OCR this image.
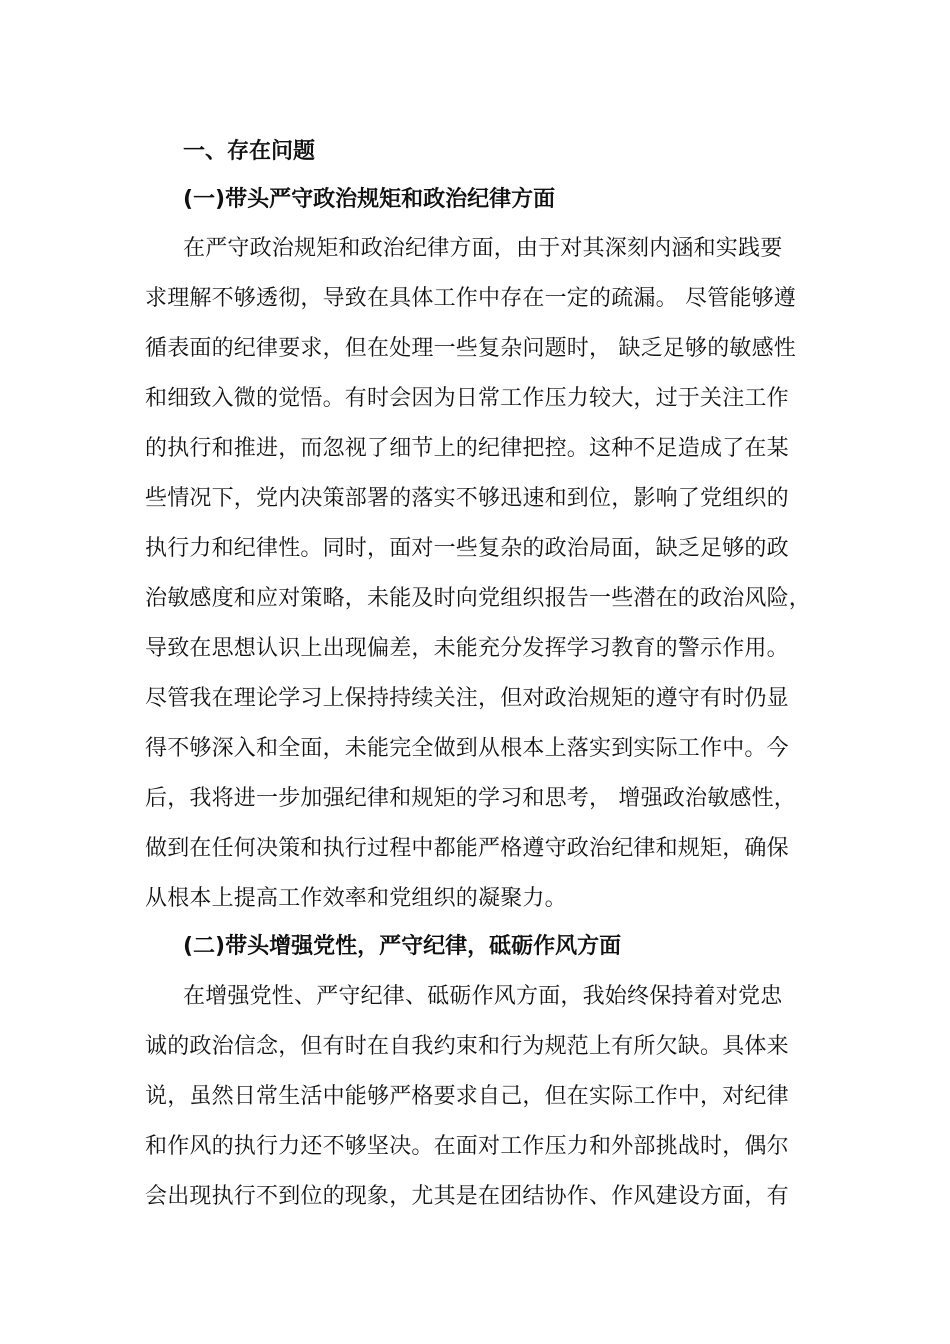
一、存在问题
(一)带头严守政治规矩和政治纪律方面
在严守政治规矩和政治纪律方面，由于对其深刻内涵和实践要
求理解不够透彻，导致在具体工作中存在一定的疏漏。 尽管能够遵
循表面的纪律要求，但在处理一些复杂问题时， 缺乏足够的敏感性
和细致入微的觉悟。有时会因为日常工作压力较大，过于关注工作
的执行和推进，而忽视了细节上的纪律把控。这种不足造成了在某
些情况下，党内决策部署的落实不够迅速和到位，影响了党组织的
执行力和纪律性。同时，面对一些复杂的政治局面，缺乏足够的政
治敏感度和应对策略，未能及时向党组织报告一些潜在的政治风险，
导致在思想认识上出现偏差，未能充分发挥学习教育的警示作用。
尽管我在理论学习上保持持续关注，但对政治规矩的遵守有时仍显
得不够深入和全面，未能完全做到从根本上落实到实际工作中。今
后，我将进一步加强纪律和规矩的学习和思考， 增强政治敏感性，
做到在任何决策和执行过程中都能严格遵守政治纪律和规矩，确保
从根本上提高工作效率和党组织的凝聚力。
(二)带头增强党性，严守纪律，砥砺作风方面
在增强党性、严守纪律、砥砺作风方面，我始终保持着对党忠
诚的政治信念，但有时在自我约束和行为规范上有所欠缺。具体来
说，虽然日常生活中能够严格要求自己，但在实际工作中，对纪律
和作风的执行力还不够坚决。在面对工作压力和外部挑战时，偶尔
会出现执行不到位的现象，尤其是在团结协作、作风建设方面，有
